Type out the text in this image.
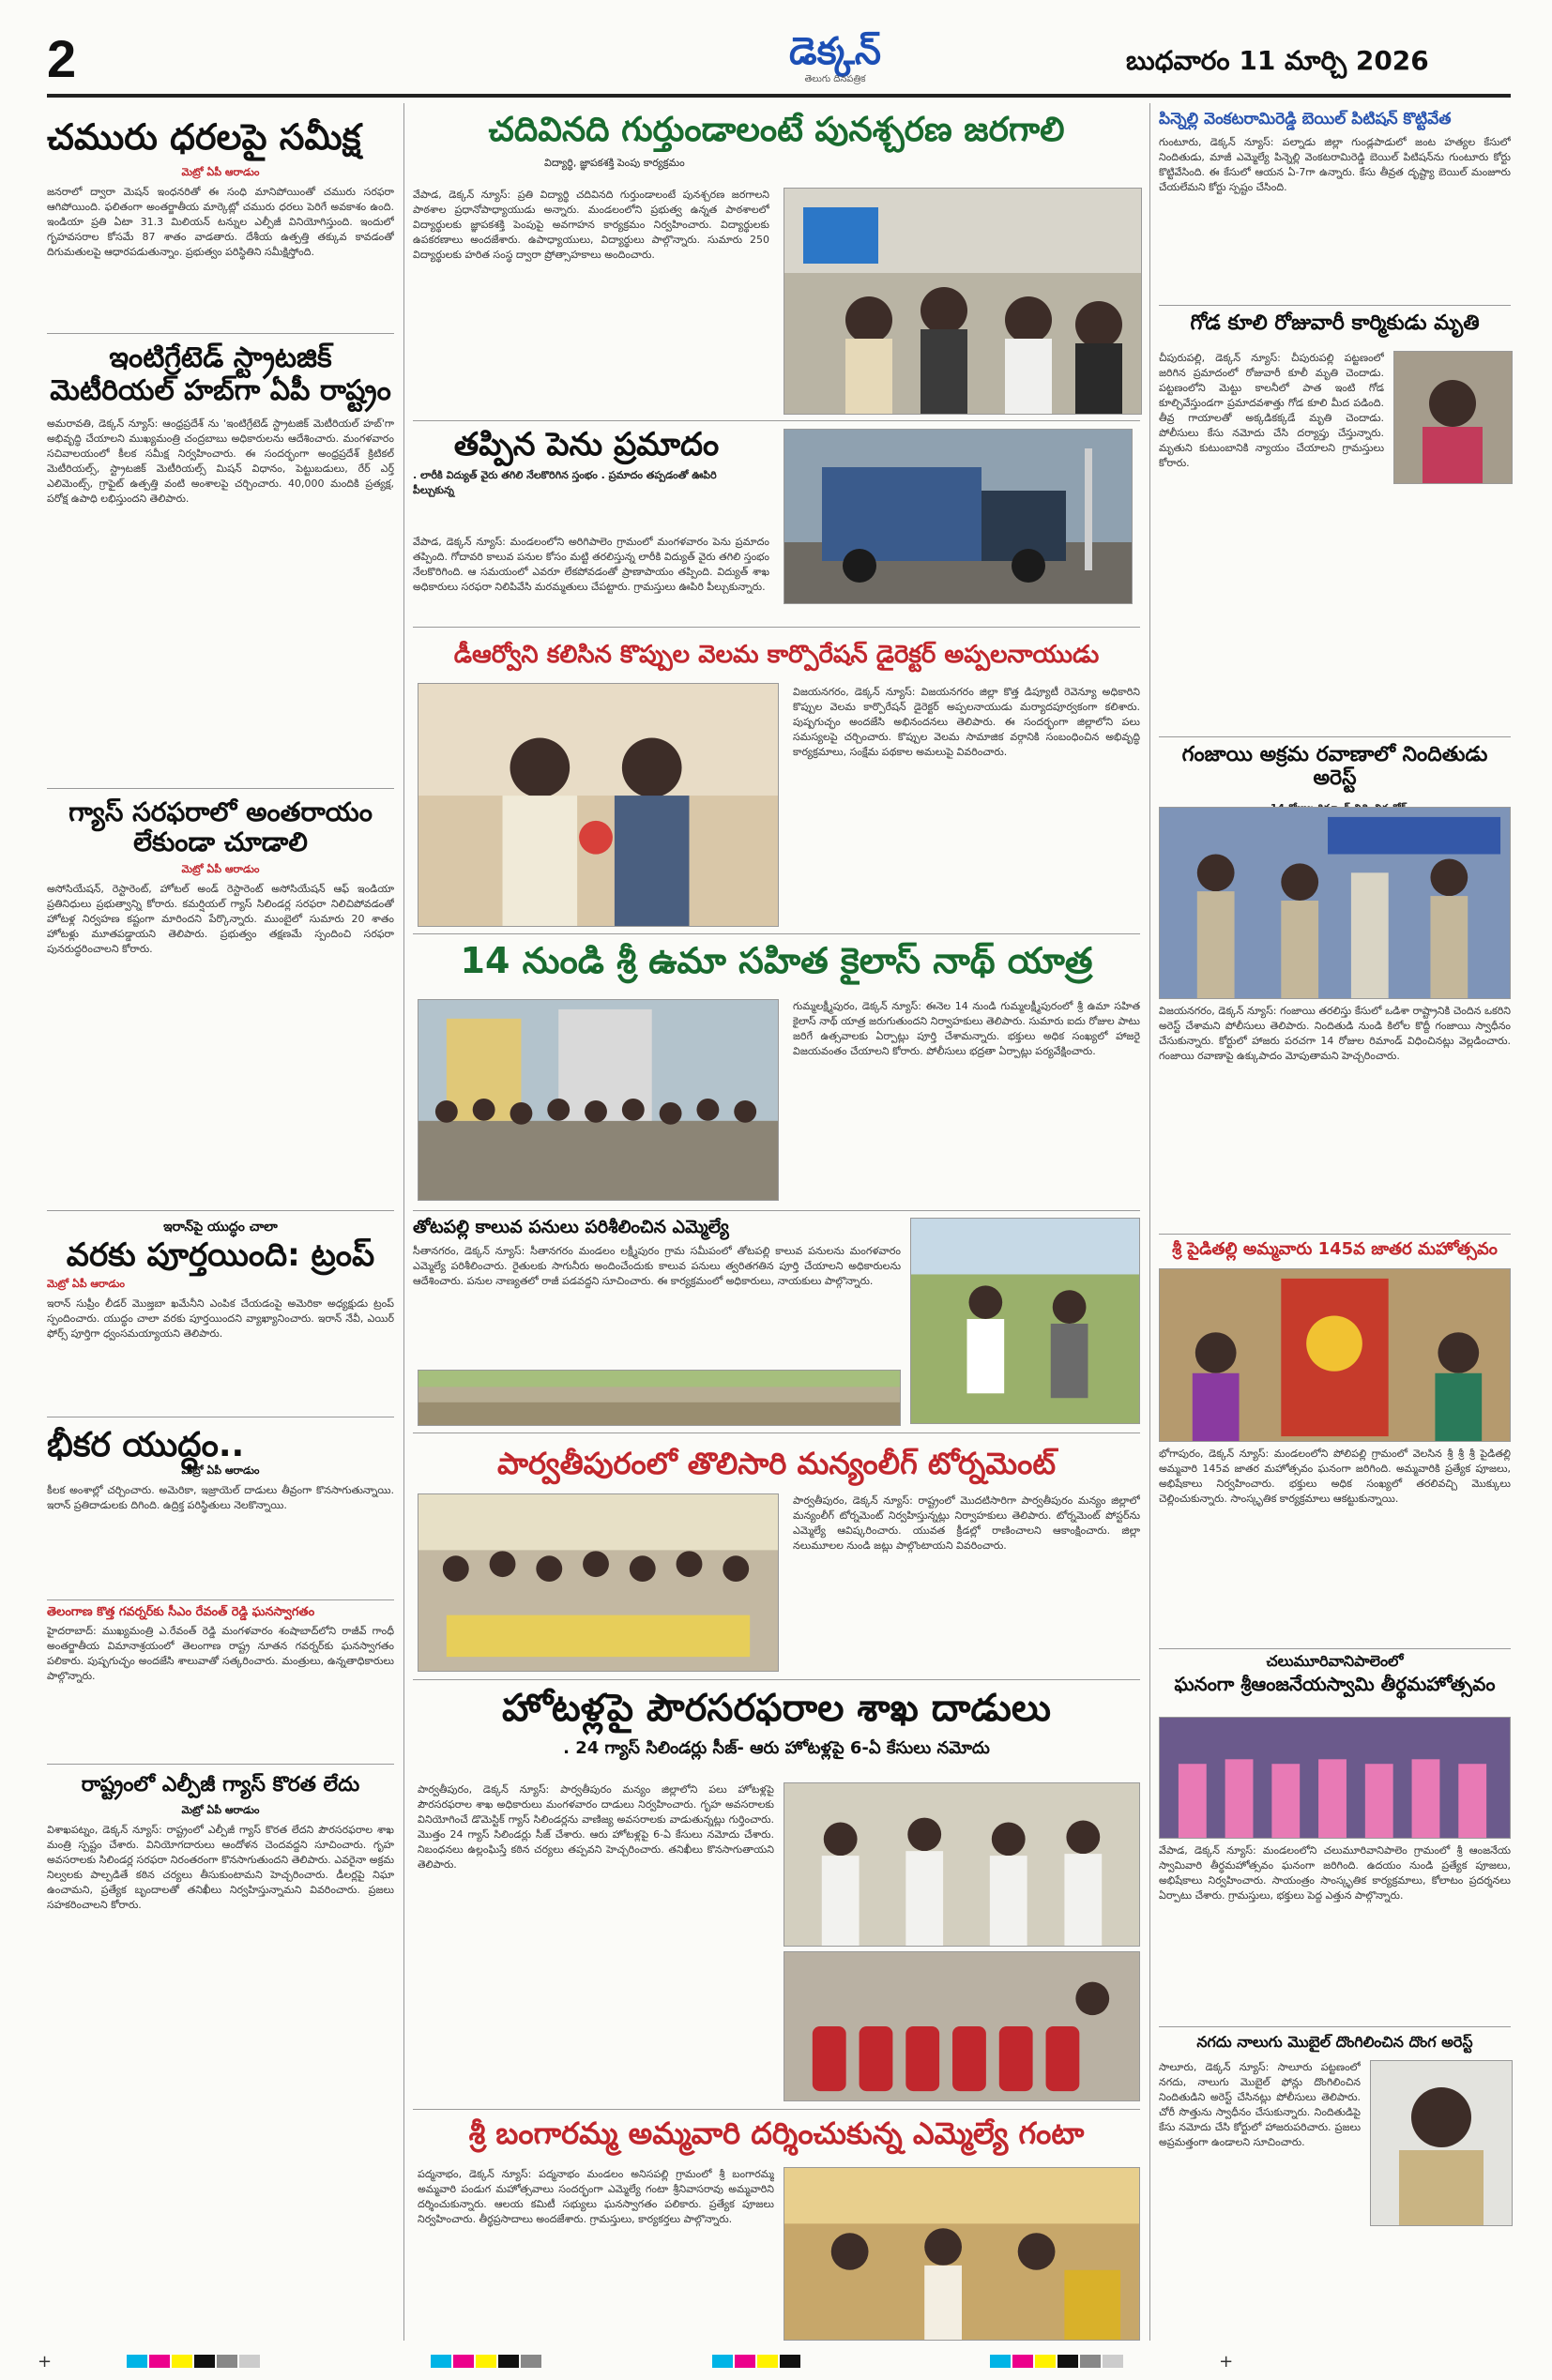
2	డెక్కన్
తెలుగు దినపత్రిక
బుధవారం 11 మార్చి 2026
చమురు ధరలపై సమీక్ష
మెట్రో ఏపీ ఆరాడుం
జనరాలో ద్వారా మెషన్ ఇంధనరితో ఈ సంధి మానిపోయింతో చమురు సరఫరా ఆగిపోయింది. ఫలితంగా అంతర్జాతీయ మార్కెట్లో చమురు ధరలు పెరిగే అవకాశం ఉంది. ఇండియా ప్రతి ఏటా 31.3 మిలియన్ టన్నుల ఎల్పీజీ వినియోగిస్తుంది. ఇందులో గృహవసరాల కోసమే 87 శాతం వాడతారు. దేశీయ ఉత్పత్తి తక్కువ కావడంతో దిగుమతులపై ఆధారపడుతున్నాం. ప్రభుత్వం పరిస్థితిని సమీక్షిస్తోంది.
ఇంటిగ్రేటెడ్ స్ట్రాటజిక్ మెటీరియల్ హబ్‌గా ఏపీ రాష్ట్రం
అమరావతి, డెక్కన్ న్యూస్: ఆంధ్రప్రదేశ్ ను 'ఇంటిగ్రేటెడ్ స్ట్రాటజిక్ మెటీరియల్ హబ్'గా అభివృద్ధి చేయాలని ముఖ్యమంత్రి చంద్రబాబు అధికారులను ఆదేశించారు. మంగళవారం సచివాలయంలో కీలక సమీక్ష నిర్వహించారు. ఈ సందర్భంగా అంధ్రప్రదేశ్ క్రిటికల్ మెటీరియల్స్, స్ట్రాటజిక్ మెటీరియల్స్ మిషన్ విధానం, పెట్టుబడులు, రేర్ ఎర్త్ ఎలిమెంట్స్, గ్రాఫైట్ ఉత్పత్తి వంటి అంశాలపై చర్చించారు. 40,000 మందికి ప్రత్యక్ష, పరోక్ష ఉపాధి లభిస్తుందని తెలిపారు.
గ్యాస్ సరఫరాలో అంతరాయం లేకుండా చూడాలి
మెట్రో ఏపీ ఆరాడుం
అసోసియేషన్, రెస్టారెంట్, హోటల్ అండ్ రెస్టారెంట్ అసోసియేషన్ ఆఫ్ ఇండియా ప్రతినిధులు ప్రభుత్వాన్ని కోరారు. కమర్షియల్ గ్యాస్ సిలిండర్ల సరఫరా నిలిచిపోవడంతో హోటళ్ల నిర్వహణ కష్టంగా మారిందని పేర్కొన్నారు. ముంబైలో సుమారు 20 శాతం హోటళ్లు మూతపడ్డాయని తెలిపారు. ప్రభుత్వం తక్షణమే స్పందించి సరఫరా పునరుద్ధరించాలని కోరారు.
ఇరాన్‌పై యుద్ధం చాలా
వరకు పూర్తయింది: ట్రంప్
మెట్రో ఏపీ ఆరాడుం
ఇరాన్ సుప్రీం లీడర్ మొజ్తబా ఖమేనీని ఎంపిక చేయడంపై అమెరికా అధ్యక్షుడు ట్రంప్ స్పందించారు. యుద్ధం చాలా వరకు పూర్తయిందని వ్యాఖ్యానించారు. ఇరాన్ నేవీ, ఎయిర్ ఫోర్స్ పూర్తిగా ధ్వంసమయ్యాయని తెలిపారు.
భీకర యుద్ధం..
మెట్రో ఏపీ ఆరాడుం
కీలక అంశాల్లో చర్చించారు. అమెరికా, ఇజ్రాయెల్ దాడులు తీవ్రంగా కొనసాగుతున్నాయి. ఇరాన్ ప్రతిదాడులకు దిగింది. ఉద్రిక్త పరిస్థితులు నెలకొన్నాయి.
తెలంగాణ కొత్త గవర్నర్‌కు సీఎం రేవంత్ రెడ్డి ఘనస్వాగతం
హైదరాబాద్: ముఖ్యమంత్రి ఎ.రేవంత్ రెడ్డి మంగళవారం శంషాబాద్‌లోని రాజీవ్ గాంధీ అంతర్జాతీయ విమానాశ్రయంలో తెలంగాణ రాష్ట్ర నూతన గవర్నర్‌కు ఘనస్వాగతం పలికారు. పుష్పగుచ్ఛం అందజేసి శాలువాతో సత్కరించారు. మంత్రులు, ఉన్నతాధికారులు పాల్గొన్నారు.
రాష్ట్రంలో ఎల్పీజీ గ్యాస్ కొరత లేదు
మెట్రో ఏపీ ఆరాడుం
విశాఖపట్నం, డెక్కన్ న్యూస్: రాష్ట్రంలో ఎల్పీజీ గ్యాస్ కొరత లేదని పౌరసరఫరాల శాఖ మంత్రి స్పష్టం చేశారు. వినియోగదారులు ఆందోళన చెందవద్దని సూచించారు. గృహ అవసరాలకు సిలిండర్ల సరఫరా నిరంతరంగా కొనసాగుతుందని తెలిపారు. ఎవరైనా అక్రమ నిల్వలకు పాల్పడితే కఠిన చర్యలు తీసుకుంటామని హెచ్చరించారు. డీలర్లపై నిఘా ఉంచామని, ప్రత్యేక బృందాలతో తనిఖీలు నిర్వహిస్తున్నామని వివరించారు. ప్రజలు సహకరించాలని కోరారు.
చదివినది గుర్తుండాలంటే పునశ్చరణ జరగాలి
విద్యార్థి, జ్ఞాపకశక్తి పెంపు కార్యక్రమం
వేపాడ, డెక్కన్ న్యూస్: ప్రతి విద్యార్థి చదివినది గుర్తుండాలంటే పునశ్చరణ జరగాలని పాఠశాల ప్రధానోపాధ్యాయుడు అన్నారు. మండలంలోని ప్రభుత్వ ఉన్నత పాఠశాలలో విద్యార్థులకు జ్ఞాపకశక్తి పెంపుపై అవగాహన కార్యక్రమం నిర్వహించారు. విద్యార్థులకు ఉపకరణాలు అందజేశారు. ఉపాధ్యాయులు, విద్యార్థులు పాల్గొన్నారు. సుమారు 250 విద్యార్థులకు హరిత సంస్థ ద్వారా ప్రోత్సాహకాలు అందించారు.
తప్పిన పెను ప్రమాదం
. లారీకి విద్యుత్ వైరు తగిలి నేలకొరిగిన స్తంభం . ప్రమాదం తప్పడంతో ఊపిరి పీల్చుకున్న
వేపాడ, డెక్కన్ న్యూస్: మండలంలోని అరిగిపాలెం గ్రామంలో మంగళవారం పెను ప్రమాదం తప్పింది. గోదావరి కాలువ పనుల కోసం మట్టి తరలిస్తున్న లారీకి విద్యుత్ వైరు తగిలి స్తంభం నేలకొరిగింది. ఆ సమయంలో ఎవరూ లేకపోవడంతో ప్రాణాపాయం తప్పింది. విద్యుత్ శాఖ అధికారులు సరఫరా నిలిపివేసి మరమ్మతులు చేపట్టారు. గ్రామస్తులు ఊపిరి పీల్చుకున్నారు.
డీఆర్వోని కలిసిన కొప్పుల వెలమ కార్పొరేషన్ డైరెక్టర్ అప్పలనాయుడు
విజయనగరం, డెక్కన్ న్యూస్: విజయనగరం జిల్లా కొత్త డిప్యూటీ రెవెన్యూ అధికారిని కొప్పుల వెలమ కార్పొరేషన్ డైరెక్టర్ అప్పలనాయుడు మర్యాదపూర్వకంగా కలిశారు. పుష్పగుచ్ఛం అందజేసి అభినందనలు తెలిపారు. ఈ సందర్భంగా జిల్లాలోని పలు సమస్యలపై చర్చించారు. కొప్పుల వెలమ సామాజిక వర్గానికి సంబంధించిన అభివృద్ధి కార్యక్రమాలు, సంక్షేమ పథకాల అమలుపై వివరించారు.
14 నుండి శ్రీ ఉమా సహిత కైలాస్ నాథ్ యాత్ర
గుమ్మలక్ష్మీపురం, డెక్కన్ న్యూస్: ఈనెల 14 నుండి గుమ్మలక్ష్మీపురంలో శ్రీ ఉమా సహిత కైలాస్ నాథ్ యాత్ర జరుగుతుందని నిర్వాహకులు తెలిపారు. సుమారు ఐదు రోజుల పాటు జరిగే ఉత్సవాలకు ఏర్పాట్లు పూర్తి చేశామన్నారు. భక్తులు అధిక సంఖ్యలో హాజరై విజయవంతం చేయాలని కోరారు. పోలీసులు భద్రతా ఏర్పాట్లు పర్యవేక్షించారు.
తోటపల్లి కాలువ పనులు పరిశీలించిన ఎమ్మెల్యే
సీతానగరం, డెక్కన్ న్యూస్: సీతానగరం మండలం లక్ష్మీపురం గ్రామ సమీపంలో తోటపల్లి కాలువ పనులను మంగళవారం ఎమ్మెల్యే పరిశీలించారు. రైతులకు సాగునీరు అందించేందుకు కాలువ పనులు త్వరితగతిన పూర్తి చేయాలని అధికారులను ఆదేశించారు. పనుల నాణ్యతలో రాజీ పడవద్దని సూచించారు. ఈ కార్యక్రమంలో అధికారులు, నాయకులు పాల్గొన్నారు.
పార్వతీపురంలో తొలిసారి మన్యంలీగ్ టోర్నమెంట్
పార్వతీపురం, డెక్కన్ న్యూస్: రాష్ట్రంలో మొదటిసారిగా పార్వతీపురం మన్యం జిల్లాలో మన్యంలీగ్ టోర్నమెంట్ నిర్వహిస్తున్నట్లు నిర్వాహకులు తెలిపారు. టోర్నమెంట్ పోస్టర్‌ను ఎమ్మెల్యే ఆవిష్కరించారు. యువత క్రీడల్లో రాణించాలని ఆకాంక్షించారు. జిల్లా నలుమూలల నుండి జట్లు పాల్గొంటాయని వివరించారు.
హోటళ్లపై పౌరసరఫరాల శాఖ దాడులు
. 24 గ్యాస్ సిలిండర్లు సీజ్- ఆరు హోటళ్లపై 6-ఏ కేసులు నమోదు
పార్వతీపురం, డెక్కన్ న్యూస్: పార్వతీపురం మన్యం జిల్లాలోని పలు హోటళ్లపై పౌరసరఫరాల శాఖ అధికారులు మంగళవారం దాడులు నిర్వహించారు. గృహ అవసరాలకు వినియోగించే డొమెస్టిక్ గ్యాస్ సిలిండర్లను వాణిజ్య అవసరాలకు వాడుతున్నట్లు గుర్తించారు. మొత్తం 24 గ్యాస్ సిలిండర్లు సీజ్ చేశారు. ఆరు హోటళ్లపై 6-ఏ కేసులు నమోదు చేశారు. నిబంధనలు ఉల్లంఘిస్తే కఠిన చర్యలు తప్పవని హెచ్చరించారు. తనిఖీలు కొనసాగుతాయని తెలిపారు.
శ్రీ బంగారమ్మ అమ్మవారి దర్శించుకున్న ఎమ్మెల్యే గంటా
పద్మనాభం, డెక్కన్ న్యూస్: పద్మనాభం మండలం అనిసపల్లి గ్రామంలో శ్రీ బంగారమ్మ అమ్మవారి పండుగ మహోత్సవాలు సందర్భంగా ఎమ్మెల్యే గంటా శ్రీనివాసరావు అమ్మవారిని దర్శించుకున్నారు. ఆలయ కమిటీ సభ్యులు ఘనస్వాగతం పలికారు. ప్రత్యేక పూజలు నిర్వహించారు. తీర్థప్రసాదాలు అందజేశారు. గ్రామస్తులు, కార్యకర్తలు పాల్గొన్నారు.
పిన్నెల్లి వెంకటరామిరెడ్డి బెయిల్ పిటిషన్ కొట్టివేత
గుంటూరు, డెక్కన్ న్యూస్: పల్నాడు జిల్లా గుండ్లపాడులో జంట హత్యల కేసులో నిందితుడు, మాజీ ఎమ్మెల్యే పిన్నెల్లి వెంకటరామిరెడ్డి బెయిల్ పిటిషన్‌ను గుంటూరు కోర్టు కొట్టివేసింది. ఈ కేసులో ఆయన ఏ-7గా ఉన్నారు. కేసు తీవ్రత దృష్ట్యా బెయిల్ మంజూరు చేయలేమని కోర్టు స్పష్టం చేసింది.
గోడ కూలి రోజువారీ కార్మికుడు మృతి
చీపురుపల్లి, డెక్కన్ న్యూస్: చీపురుపల్లి పట్టణంలో జరిగిన ప్రమాదంలో రోజువారీ కూలీ మృతి చెందాడు. పట్టణంలోని మెట్టు కాలనీలో పాత ఇంటి గోడ కూల్చివేస్తుండగా ప్రమాదవశాత్తు గోడ కూలి మీద పడింది. తీవ్ర గాయాలతో అక్కడికక్కడే మృతి చెందాడు. పోలీసులు కేసు నమోదు చేసి దర్యాప్తు చేస్తున్నారు. మృతుని కుటుంబానికి న్యాయం చేయాలని గ్రామస్తులు కోరారు.
గంజాయి అక్రమ రవాణాలో నిందితుడు అరెస్ట్
విజయనగరం, డెక్కన్ న్యూస్: గంజాయి తరలిస్తు కేసులో ఒడిశా రాష్ట్రానికి చెందిన ఒకరిని అరెస్ట్ చేశామని పోలీసులు తెలిపారు. నిందితుడి నుండి కిలోల కొద్దీ గంజాయి స్వాధీనం చేసుకున్నారు. కోర్టులో హాజరు పరచగా 14 రోజుల రిమాండ్ విధించినట్లు వెల్లడించారు. గంజాయి రవాణాపై ఉక్కుపాదం మోపుతామని హెచ్చరించారు.
శ్రీ పైడితల్లి అమ్మవారు 145వ జాతర మహోత్సవం
భోగాపురం, డెక్కన్ న్యూస్: మండలంలోని పోలిపల్లి గ్రామంలో వెలసిన శ్రీ శ్రీ శ్రీ పైడితల్లి అమ్మవారి 145వ జాతర మహోత్సవం ఘనంగా జరిగింది. అమ్మవారికి ప్రత్యేక పూజలు, అభిషేకాలు నిర్వహించారు. భక్తులు అధిక సంఖ్యలో తరలివచ్చి మొక్కులు చెల్లించుకున్నారు. సాంస్కృతిక కార్యక్రమాలు ఆకట్టుకున్నాయి.
చలుమూరివానిపాలెంలో
ఘనంగా శ్రీఆంజనేయస్వామి తీర్థమహోత్సవం
వేపాడ, డెక్కన్ న్యూస్: మండలంలోని చలుమూరివానిపాలెం గ్రామంలో శ్రీ ఆంజనేయ స్వామివారి తీర్థమహోత్సవం ఘనంగా జరిగింది. ఉదయం నుండి ప్రత్యేక పూజలు, అభిషేకాలు నిర్వహించారు. సాయంత్రం సాంస్కృతిక కార్యక్రమాలు, కోలాటం ప్రదర్శనలు ఏర్పాటు చేశారు. గ్రామస్తులు, భక్తులు పెద్ద ఎత్తున పాల్గొన్నారు.
నగదు నాలుగు మొబైల్ దొంగిలించిన దొంగ అరెస్ట్
సాలూరు, డెక్కన్ న్యూస్: సాలూరు పట్టణంలో నగదు, నాలుగు మొబైల్ ఫోన్లు దొంగిలించిన నిందితుడిని అరెస్ట్ చేసినట్లు పోలీసులు తెలిపారు. చోరీ సొత్తును స్వాధీనం చేసుకున్నారు. నిందితుడిపై కేసు నమోదు చేసి కోర్టులో హాజరుపరిచారు. ప్రజలు అప్రమత్తంగా ఉండాలని సూచించారు.
+	+
